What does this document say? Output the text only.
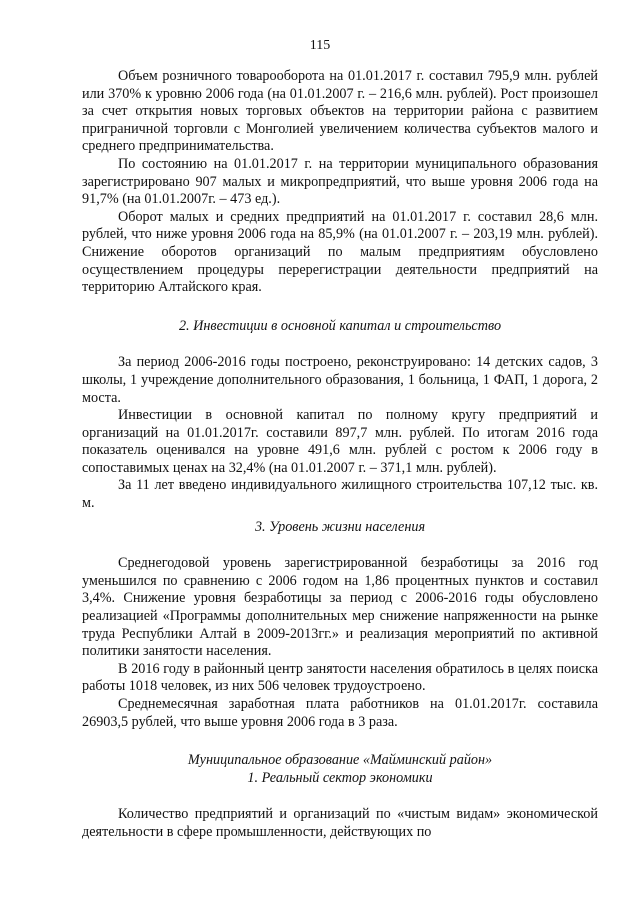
115

Объем розничного товарооборота на 01.01.2017 г. составил 795,9 млн. рублей или 370% к уровню 2006 года (на 01.01.2007 г. – 216,6 млн. рублей). Рост произошел за счет открытия новых торговых объектов на территории района с развитием приграничной торговли с Монголией увеличением количества субъектов малого и среднего предпринимательства.

По состоянию на 01.01.2017 г. на территории муниципального образования зарегистрировано 907 малых и микропредприятий, что выше уровня 2006 года на 91,7% (на 01.01.2007г. – 473 ед.).

Оборот малых и средних предприятий на 01.01.2017 г. составил 28,6 млн. рублей, что ниже уровня 2006 года на 85,9% (на 01.01.2007 г. – 203,19 млн. рублей). Снижение оборотов организаций по малым предприятиям обусловлено осуществлением процедуры перерегистрации деятельности предприятий на территорию Алтайского края.

2. Инвестиции в основной капитал и строительство

За период 2006-2016 годы построено, реконструировано: 14 детских садов, 3 школы, 1 учреждение дополнительного образования, 1 больница, 1 ФАП, 1 дорога, 2 моста.

Инвестиции в основной капитал по полному кругу предприятий и организаций на 01.01.2017г. составили 897,7 млн. рублей. По итогам 2016 года показатель оценивался на уровне 491,6 млн. рублей с ростом к 2006 году в сопоставимых ценах на 32,4% (на 01.01.2007 г. – 371,1 млн. рублей).

За 11 лет введено индивидуального жилищного строительства 107,12 тыс. кв. м.

3. Уровень жизни населения

Среднегодовой уровень зарегистрированной безработицы за 2016 год уменьшился по сравнению с 2006 годом на 1,86 процентных пунктов и составил 3,4%. Снижение уровня безработицы за период с 2006-2016 годы обусловлено реализацией «Программы дополнительных мер снижение напряженности на рынке труда Республики Алтай в 2009-2013гг.» и реализация мероприятий по активной политики занятости населения.

В 2016 году в районный центр занятости населения обратилось в целях поиска работы 1018 человек, из них 506 человек трудоустроено.

Среднемесячная заработная плата работников на 01.01.2017г. составила 26903,5 рублей, что выше уровня 2006 года в 3 раза.

Муниципальное образование «Майминский район»

1. Реальный сектор экономики

Количество предприятий и организаций по «чистым видам» экономической деятельности в сфере промышленности, действующих по
